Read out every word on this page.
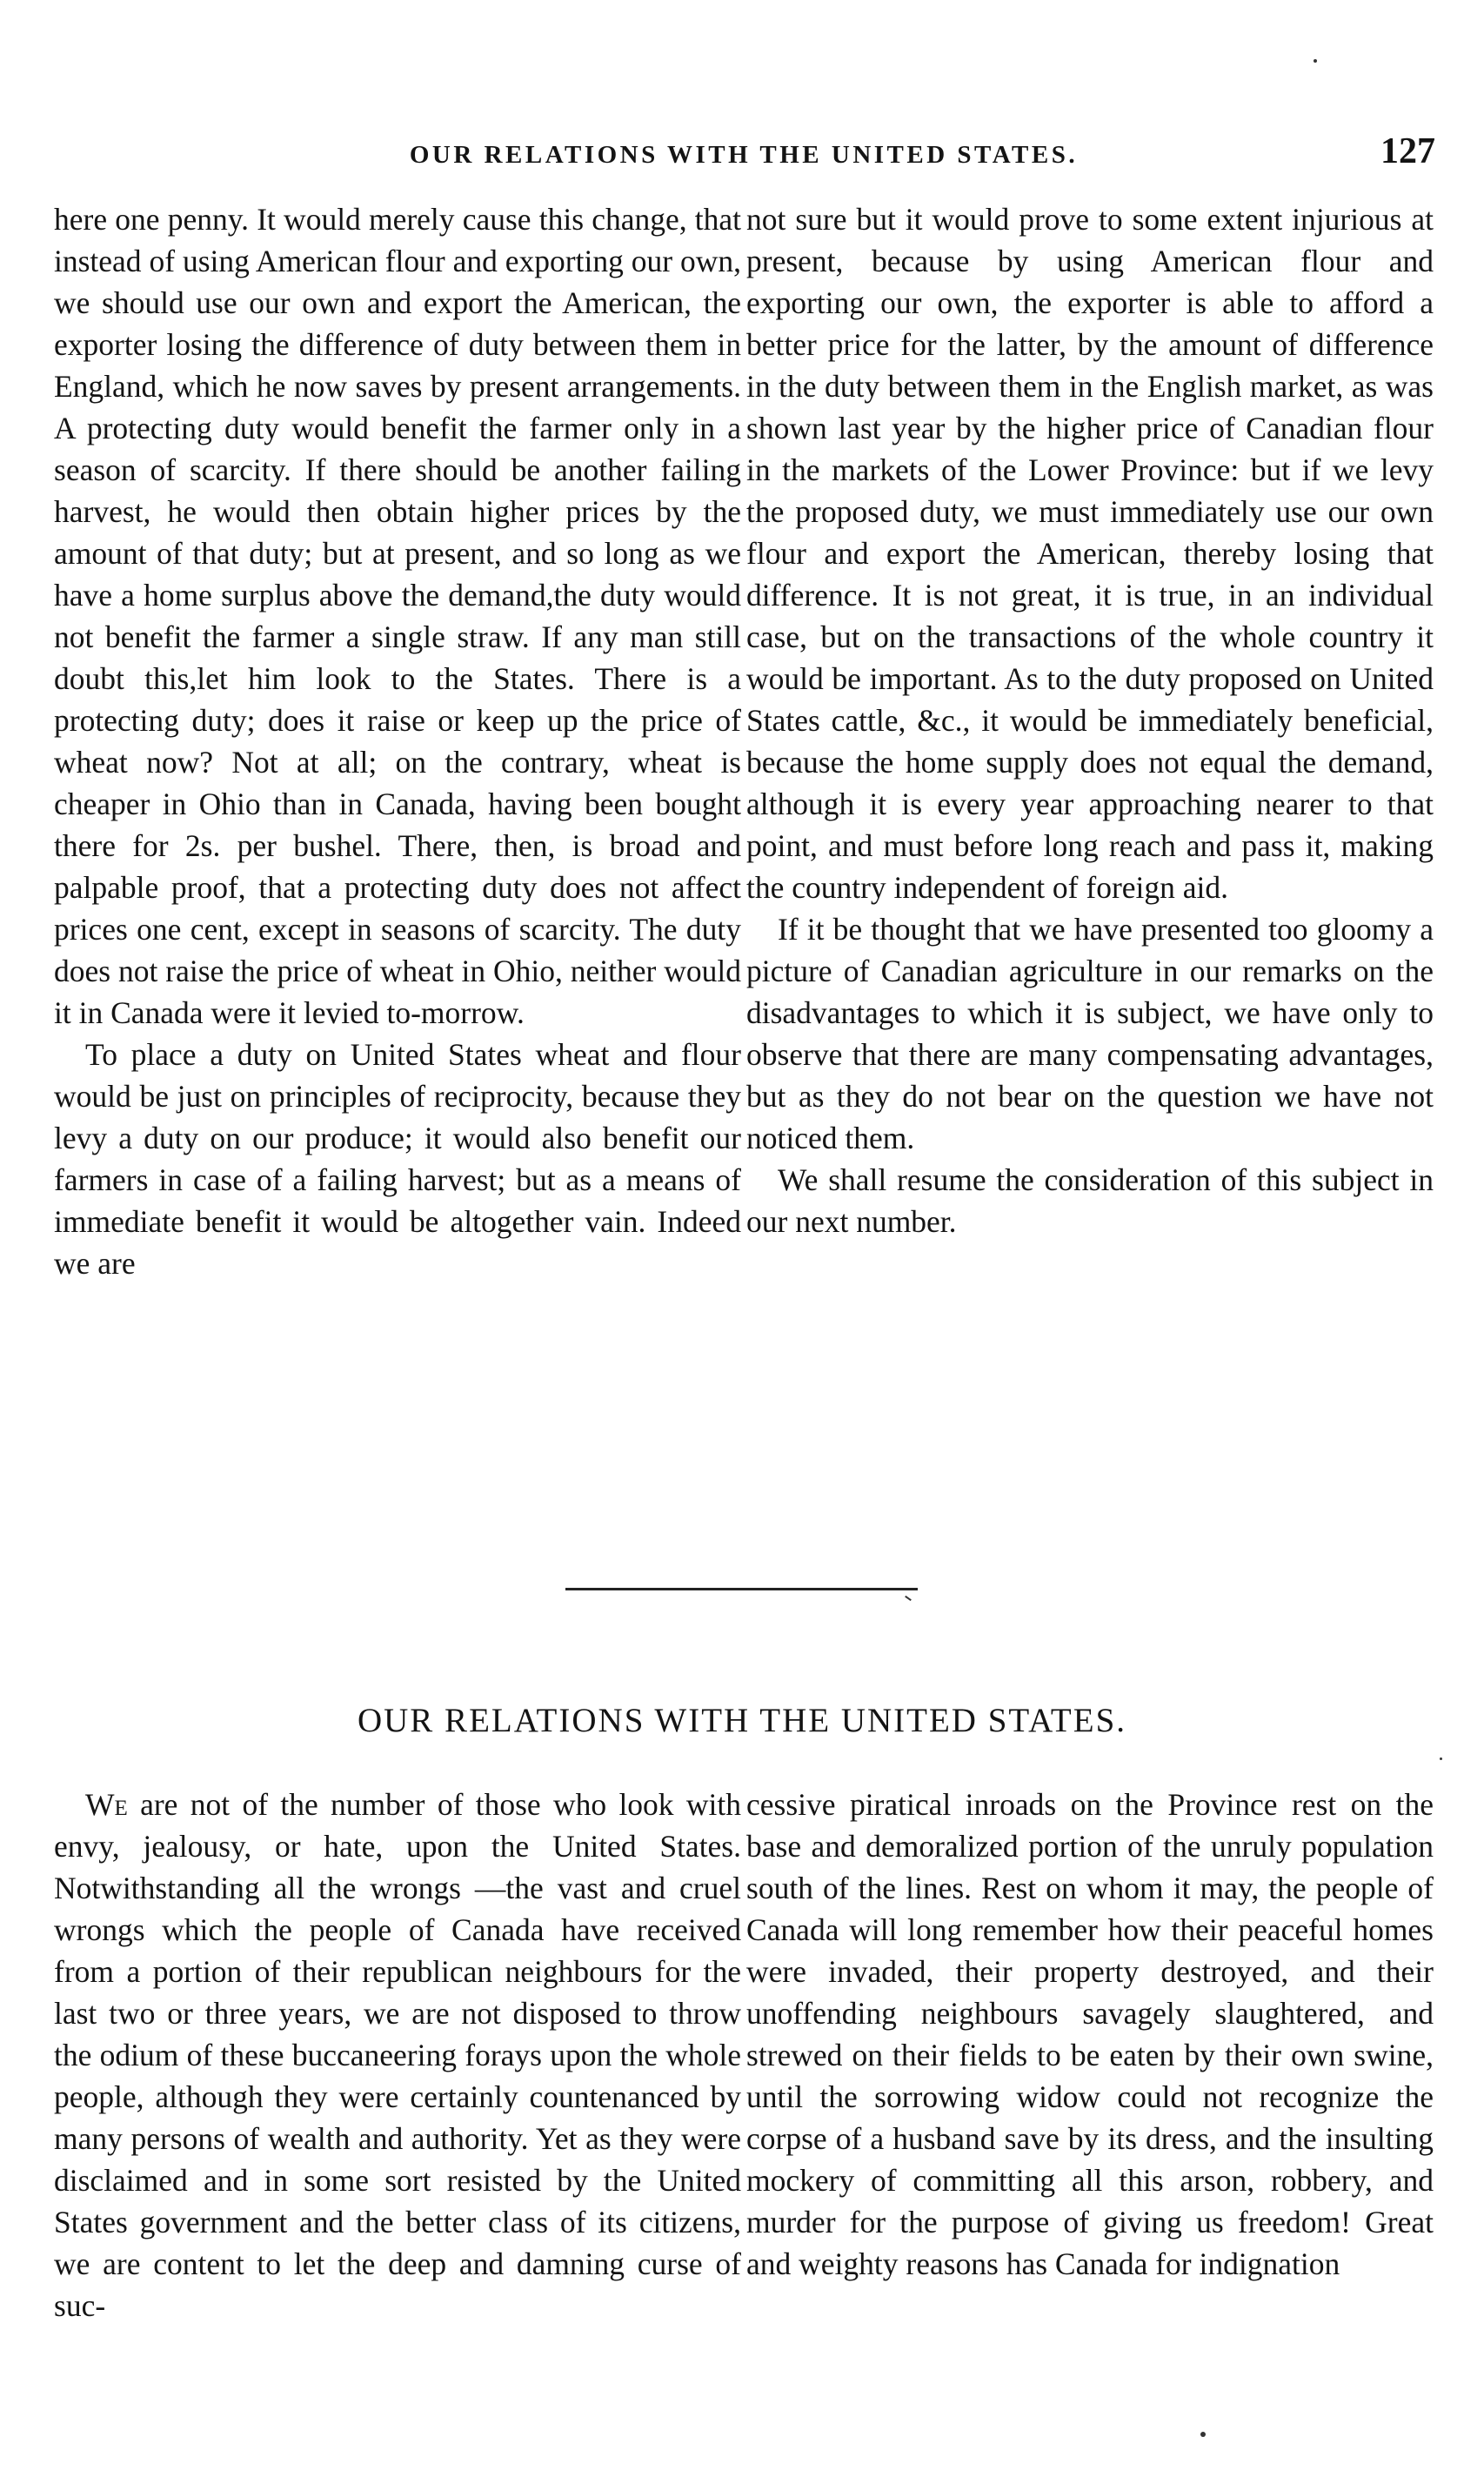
OUR RELATIONS WITH THE UNITED STATES.	127

here one penny. It would merely cause this change, that instead of using American flour and exporting our own, we should use our own and export the American, the exporter losing the difference of duty between them in England, which he now saves by present arrangements. A protecting duty would benefit the farmer only in a season of scarcity. If there should be another failing harvest, he would then obtain higher prices by the amount of that duty; but at present, and so long as we have a home surplus above the demand,the duty would not benefit the farmer a single straw. If any man still doubt this,let him look to the States. There is a protecting duty; does it raise or keep up the price of wheat now? Not at all; on the contrary, wheat is cheaper in Ohio than in Canada, having been bought there for 2s. per bushel. There, then, is broad and palpable proof, that a protecting duty does not affect prices one cent, except in seasons of scarcity. The duty does not raise the price of wheat in Ohio, neither would it in Canada were it levied to-morrow.

To place a duty on United States wheat and flour would be just on principles of reciprocity, because they levy a duty on our produce; it would also benefit our farmers in case of a failing harvest; but as a means of immediate benefit it would be altogether vain. Indeed we are

not sure but it would prove to some extent injurious at present, because by using American flour and exporting our own, the exporter is able to afford a better price for the latter, by the amount of difference in the duty between them in the English market, as was shown last year by the higher price of Canadian flour in the markets of the Lower Province: but if we levy the proposed duty, we must immediately use our own flour and export the American, thereby losing that difference. It is not great, it is true, in an individual case, but on the transactions of the whole country it would be important. As to the duty proposed on United States cattle, &c., it would be immediately beneficial, because the home supply does not equal the demand, although it is every year approaching nearer to that point, and must before long reach and pass it, making the country independent of foreign aid.

If it be thought that we have presented too gloomy a picture of Canadian agriculture in our remarks on the disadvantages to which it is subject, we have only to observe that there are many compensating advantages, but as they do not bear on the question we have not noticed them.

We shall resume the consideration of this subject in our next number.

OUR RELATIONS WITH THE UNITED STATES.

We are not of the number of those who look with envy, jealousy, or hate, upon the United States. Notwithstanding all the wrongs —the vast and cruel wrongs which the people of Canada have received from a portion of their republican neighbours for the last two or three years, we are not disposed to throw the odium of these buccaneering forays upon the whole people, although they were certainly countenanced by many persons of wealth and authority. Yet as they were disclaimed and in some sort resisted by the United States government and the better class of its citizens, we are content to let the deep and damning curse of suc-

cessive piratical inroads on the Province rest on the base and demoralized portion of the unruly population south of the lines. Rest on whom it may, the people of Canada will long remember how their peaceful homes were invaded, their property destroyed, and their unoffending neighbours savagely slaughtered, and strewed on their fields to be eaten by their own swine, until the sorrowing widow could not recognize the corpse of a husband save by its dress, and the insulting mockery of committing all this arson, robbery, and murder for the purpose of giving us freedom! Great and weighty reasons has Canada for indignation
